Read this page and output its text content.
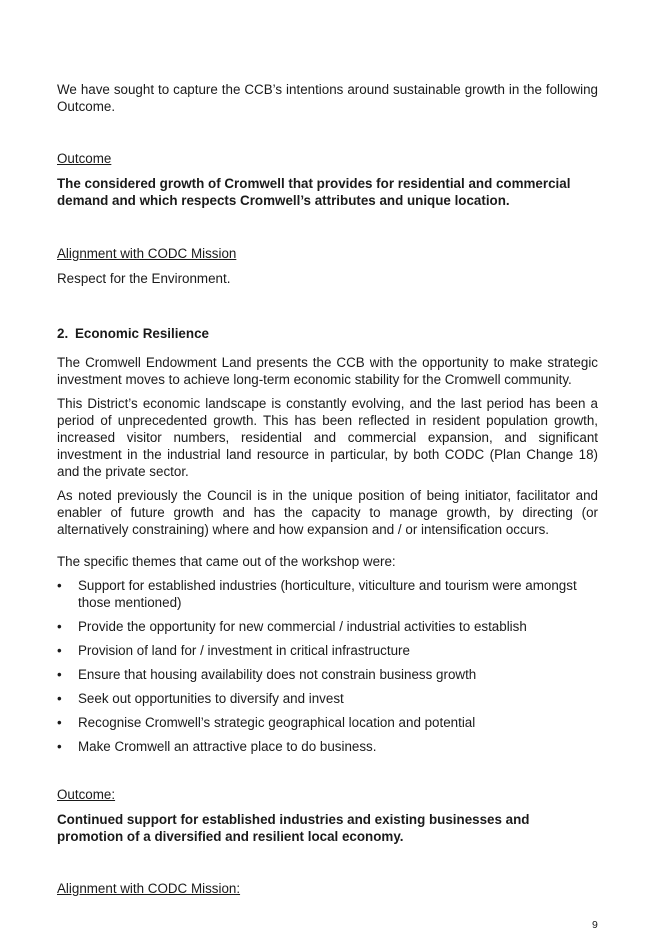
We have sought to capture the CCB’s intentions around sustainable growth in the following Outcome.

Outcome

The considered growth of Cromwell that provides for residential and commercial demand and which respects Cromwell’s attributes and unique location.

Alignment with CODC Mission

Respect for the Environment.

2. Economic Resilience

The Cromwell Endowment Land presents the CCB with the opportunity to make strategic investment moves to achieve long-term economic stability for the Cromwell community.

This District’s economic landscape is constantly evolving, and the last period has been a period of unprecedented growth. This has been reflected in resident population growth, increased visitor numbers, residential and commercial expansion, and significant investment in the industrial land resource in particular, by both CODC (Plan Change 18) and the private sector.

As noted previously the Council is in the unique position of being initiator, facilitator and enabler of future growth and has the capacity to manage growth, by directing (or alternatively constraining) where and how expansion and / or intensification occurs.

The specific themes that came out of the workshop were:

• Support for established industries (horticulture, viticulture and tourism were amongst those mentioned)
• Provide the opportunity for new commercial / industrial activities to establish
• Provision of land for / investment in critical infrastructure
• Ensure that housing availability does not constrain business growth
• Seek out opportunities to diversify and invest
• Recognise Cromwell’s strategic geographical location and potential
• Make Cromwell an attractive place to do business.

Outcome:

Continued support for established industries and existing businesses and promotion of a diversified and resilient local economy.

Alignment with CODC Mission:

9
